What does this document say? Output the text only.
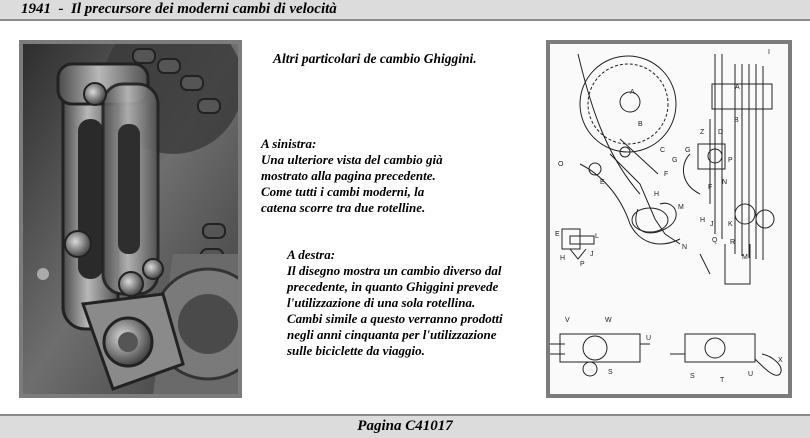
1941  -  Il precursore dei moderni cambi di velocità

Altri particolari de cambio Ghiggini.

A sinistra:
Una ulteriore vista del cambio già
mostrato alla pagina precedente.
Come tutti i cambi moderni, la
catena scorre tra due rotelline.
A destra:
Il disegno mostra un cambio diverso dal
precedente, in quanto Ghiggini prevede
l'utilizzazione di una sola rotellina.
Cambi simile a questo verranno prodotti
negli anni cinquanta per l'utilizzazione
sulle biciclette da viaggio.
A
B
C
G
O
E
F
H
M
N
A
B
Z D
G
P
N
F
H
J K
Q R
M
I
E	L
P
J
H
V	W
U
S
S
T
U
X
Pagina C41017
